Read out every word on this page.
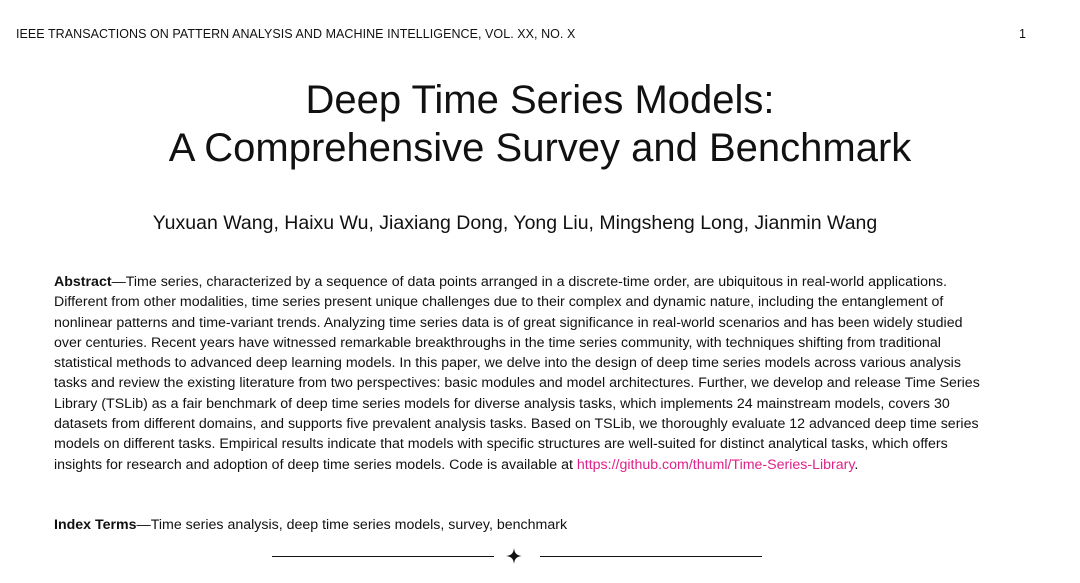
IEEE TRANSACTIONS ON PATTERN ANALYSIS AND MACHINE INTELLIGENCE, VOL. XX, NO. X	1
Deep Time Series Models:
A Comprehensive Survey and Benchmark
Yuxuan Wang, Haixu Wu, Jiaxiang Dong, Yong Liu, Mingsheng Long, Jianmin Wang

Abstract—Time series, characterized by a sequence of data points arranged in a discrete-time order, are ubiquitous in real-world applications. Different from other modalities, time series present unique challenges due to their complex and dynamic nature, including the entanglement of nonlinear patterns and time-variant trends. Analyzing time series data is of great significance in real-world scenarios and has been widely studied over centuries. Recent years have witnessed remarkable breakthroughs in the time series community, with techniques shifting from traditional statistical methods to advanced deep learning models. In this paper, we delve into the design of deep time series models across various analysis tasks and review the existing literature from two perspectives: basic modules and model architectures. Further, we develop and release Time Series Library (TSLib) as a fair benchmark of deep time series models for diverse analysis tasks, which implements 24 mainstream models, covers 30 datasets from different domains, and supports five prevalent analysis tasks. Based on TSLib, we thoroughly evaluate 12 advanced deep time series models on different tasks. Empirical results indicate that models with specific structures are well-suited for distinct analytical tasks, which offers insights for research and adoption of deep time series models. Code is available at https://github.com/thuml/Time-Series-Library.

Index Terms—Time series analysis, deep time series models, survey, benchmark
